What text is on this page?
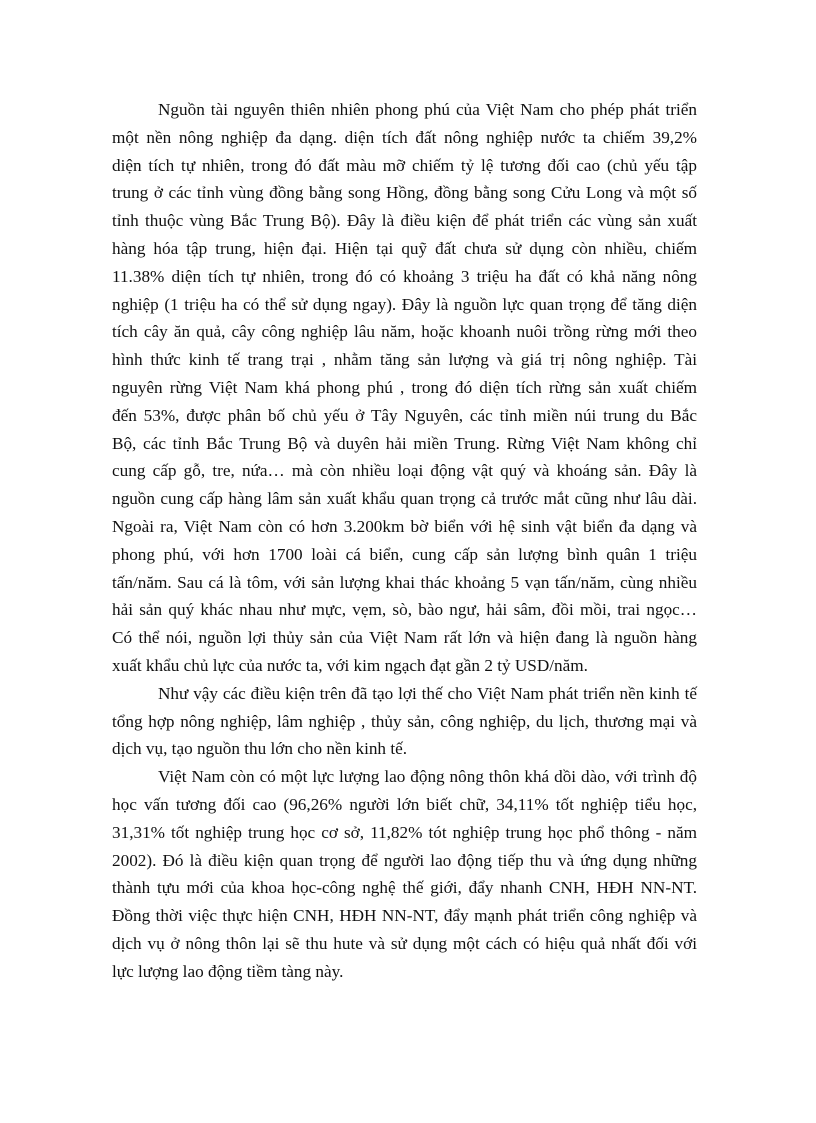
Nguồn tài nguyên thiên nhiên phong phú của Việt Nam cho phép phát triển
một nền nông nghiệp đa dạng. diện tích đất nông nghiệp nước ta chiếm 39,2%
diện tích tự nhiên, trong đó đất màu mỡ chiếm tỷ lệ tương đối cao (chủ yếu tập
trung ở các tỉnh vùng đồng bằng song Hồng, đồng bằng song Cửu Long và một số
tỉnh thuộc vùng Bắc Trung Bộ). Đây là điều kiện để phát triển các vùng sản xuất
hàng hóa tập trung, hiện đại. Hiện tại quỹ đất chưa sử dụng còn nhiều, chiếm
11.38% diện tích tự nhiên, trong đó có khoảng 3 triệu ha đất có khả năng nông
nghiệp (1 triệu ha có thể sử dụng ngay). Đây là nguồn lực quan trọng để tăng diện
tích cây ăn quả, cây công nghiệp lâu năm, hoặc khoanh nuôi trồng rừng mới theo
hình thức kinh tế trang trại , nhằm tăng sản lượng và giá trị nông nghiệp. Tài
nguyên rừng Việt Nam khá phong phú , trong đó diện tích rừng sản xuất chiếm
đến 53%, được phân bố chủ yếu ở Tây Nguyên, các tỉnh miền núi trung du Bắc
Bộ, các tỉnh Bắc Trung Bộ và duyên hải miền Trung. Rừng Việt Nam không chỉ
cung cấp gỗ, tre, nứa… mà còn nhiều loại động vật quý và khoáng sản. Đây là
nguồn cung cấp hàng lâm sản xuất khẩu quan trọng cả trước mắt cũng như lâu dài.
Ngoài ra, Việt Nam còn có hơn 3.200km bờ biển với hệ sinh vật biển đa dạng và
phong phú, với hơn 1700 loài cá biển, cung cấp sản lượng bình quân 1 triệu
tấn/năm. Sau cá là tôm, với sản lượng khai thác khoảng 5 vạn tấn/năm, cùng nhiều
hải sản quý khác nhau như mực, vẹm, sò, bào ngư, hải sâm, đồi mồi, trai ngọc…
Có thể nói, nguồn lợi thủy sản của Việt Nam rất lớn và hiện đang là nguồn hàng
xuất khẩu chủ lực của nước ta, với kim ngạch đạt gần 2 tỷ USD/năm.
Như vậy các điều kiện trên đã tạo lợi thế cho Việt Nam phát triển nền kinh tế
tổng hợp nông nghiệp, lâm nghiệp , thủy sản, công nghiệp, du lịch, thương mại và
dịch vụ, tạo nguồn thu lớn cho nền kinh tế.
Việt Nam còn có một lực lượng lao động nông thôn khá dồi dào, với trình độ
học vấn tương đối cao (96,26% người lớn biết chữ, 34,11% tốt nghiệp tiểu học,
31,31% tốt nghiệp trung học cơ sở, 11,82% tót nghiệp trung học phổ thông - năm
2002). Đó là điều kiện quan trọng để người lao động tiếp thu và ứng dụng những
thành tựu mới của khoa học-công nghệ thế giới, đẩy nhanh CNH, HĐH NN-NT.
Đồng thời việc thực hiện CNH, HĐH NN-NT, đẩy mạnh phát triển công nghiệp và
dịch vụ ở nông thôn lại sẽ thu hute và sử dụng một cách có hiệu quả nhất đối với
lực lượng lao động tiềm tàng này.
